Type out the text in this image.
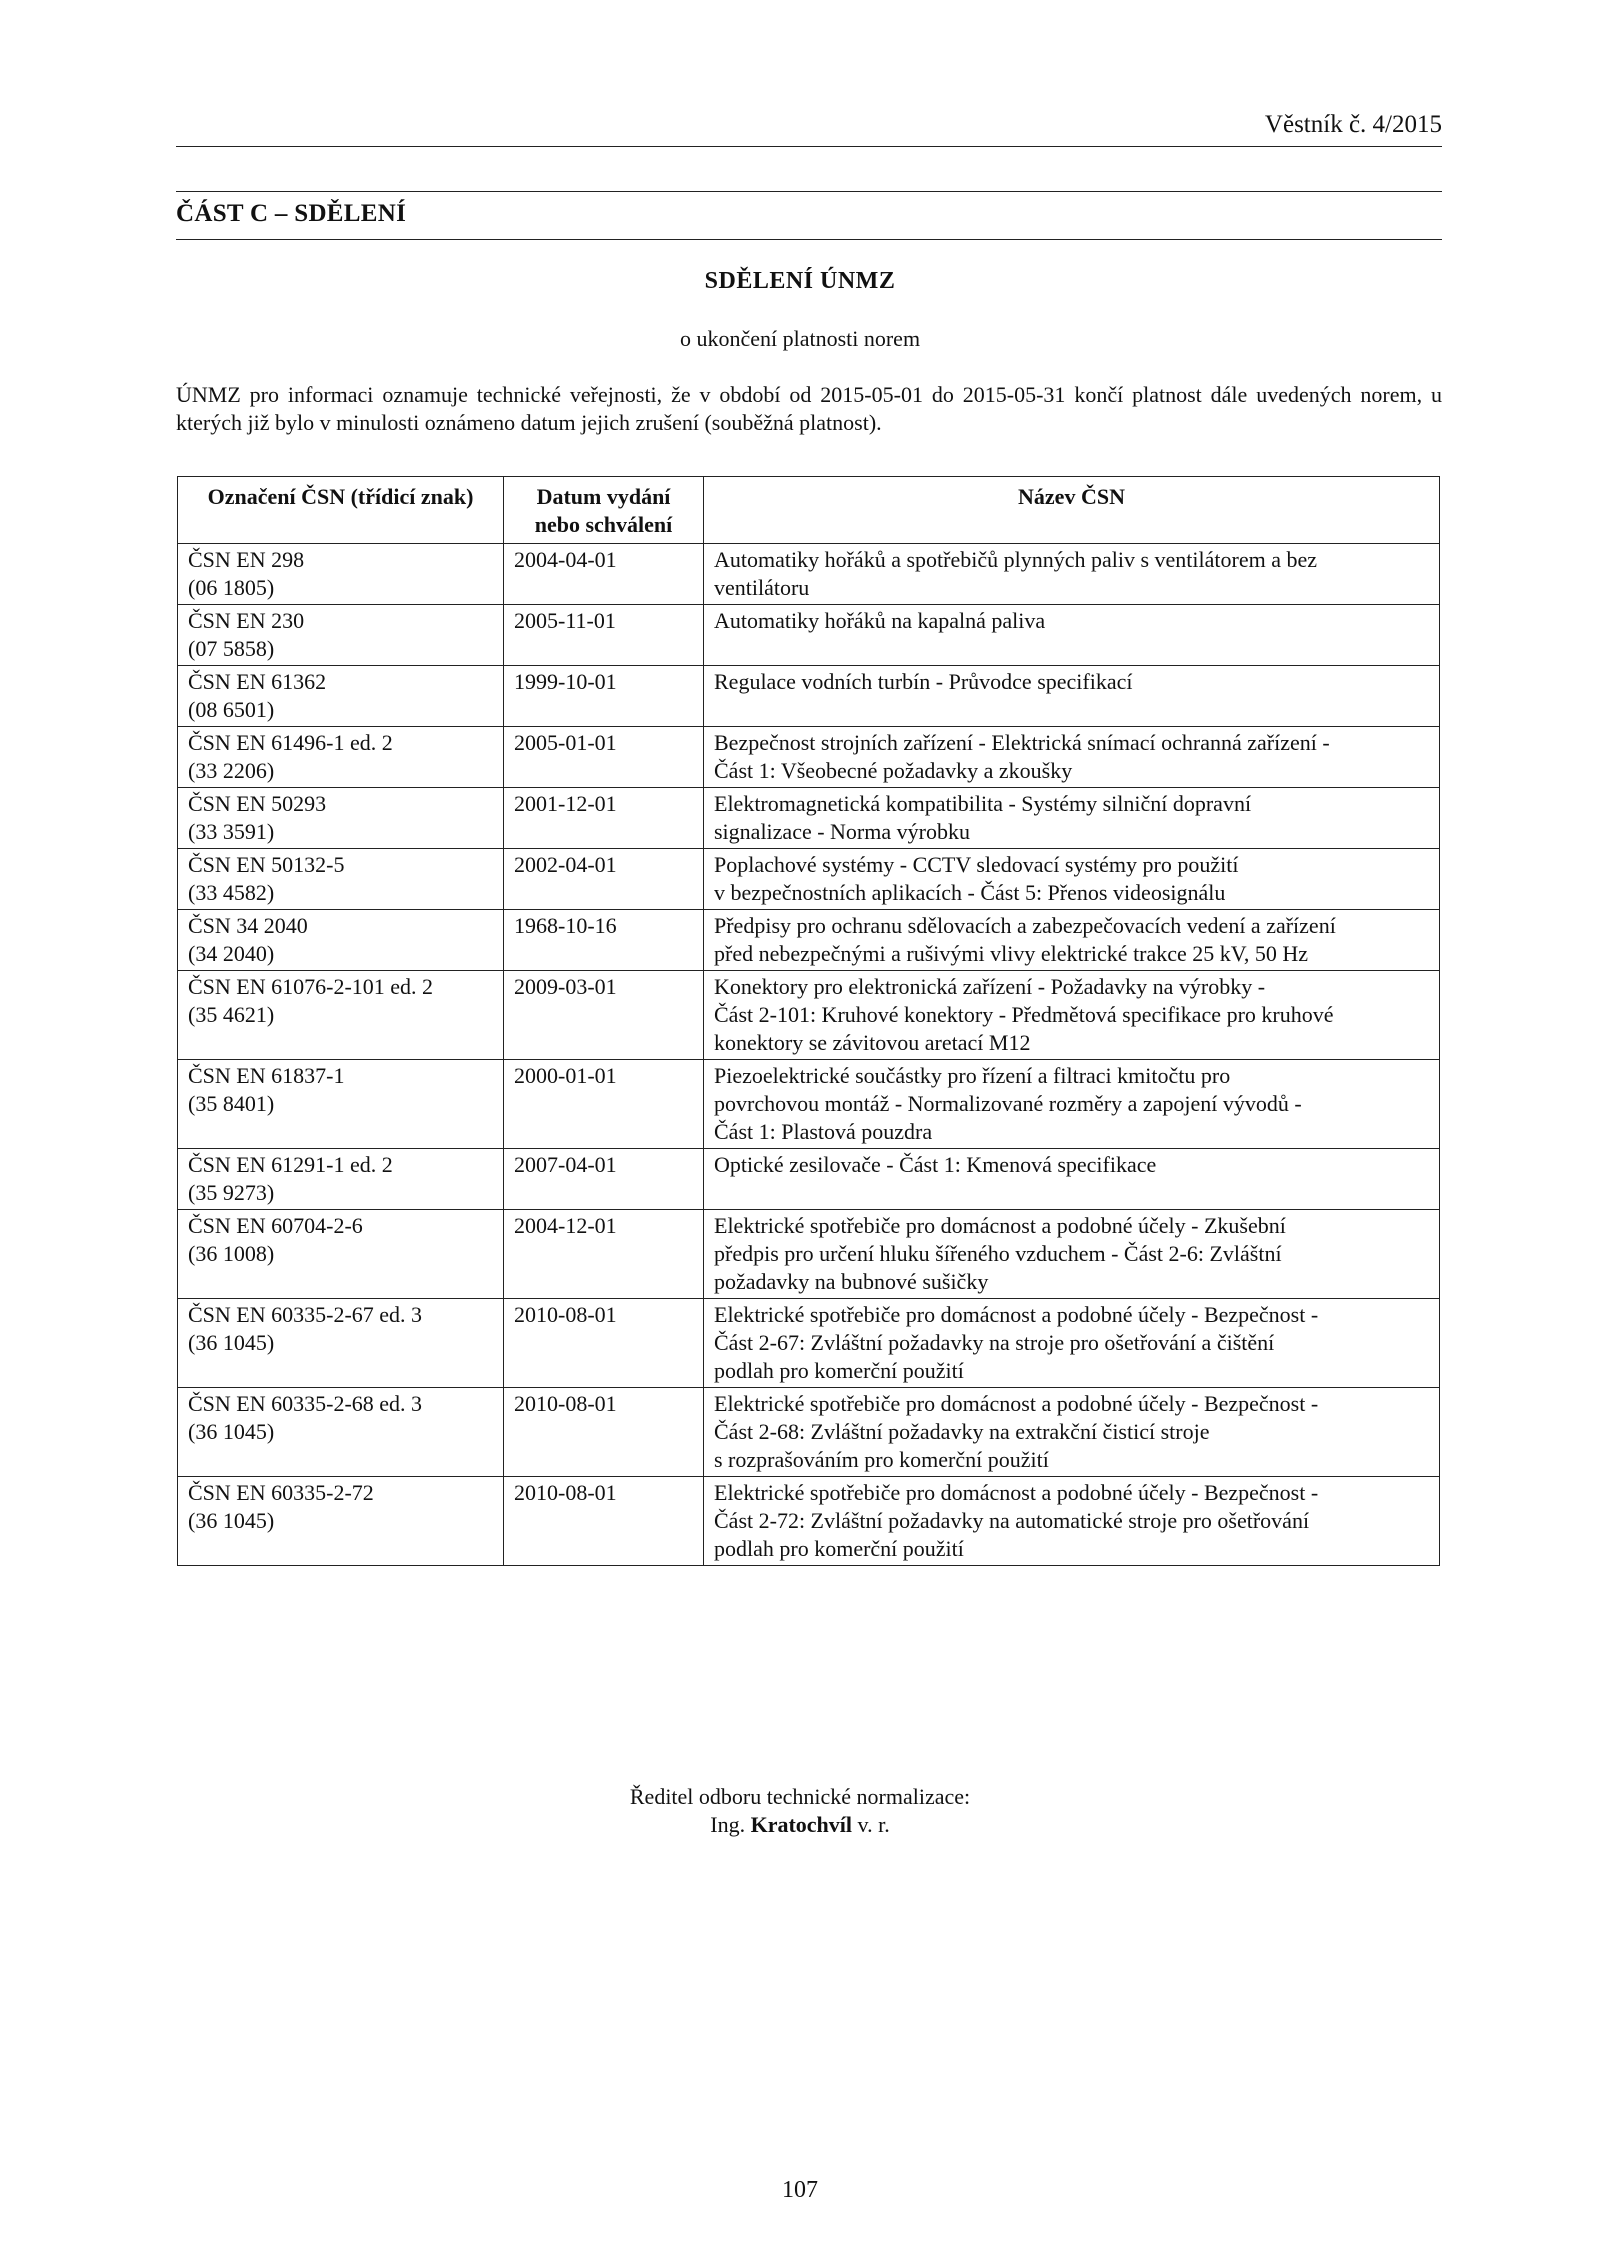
Věstník č. 4/2015
ČÁST C – SDĚLENÍ
SDĚLENÍ ÚNMZ
o ukončení platnosti norem
ÚNMZ pro informaci oznamuje technické veřejnosti, že v období od 2015-05-01 do 2015-05-31 končí platnost dále uvedených norem, u kterých již bylo v minulosti oznámeno datum jejich zrušení (souběžná platnost).
Označení ČSN (třídicí znak)	Datum vydání nebo schválení	Název ČSN

ČSN EN 298
(06 1805)	2004-04-01	Automatiky hořáků a spotřebičů plynných paliv s ventilátorem a bez
ventilátoru

ČSN EN 230
(07 5858)	2005-11-01	Automatiky hořáků na kapalná paliva

ČSN EN 61362
(08 6501)	1999-10-01	Regulace vodních turbín - Průvodce specifikací

ČSN EN 61496-1 ed. 2
(33 2206)	2005-01-01	Bezpečnost strojních zařízení - Elektrická snímací ochranná zařízení -
Část 1: Všeobecné požadavky a zkoušky

ČSN EN 50293
(33 3591)	2001-12-01	Elektromagnetická kompatibilita - Systémy silniční dopravní
signalizace - Norma výrobku

ČSN EN 50132-5
(33 4582)	2002-04-01	Poplachové systémy - CCTV sledovací systémy pro použití
v bezpečnostních aplikacích - Část 5: Přenos videosignálu

ČSN 34 2040
(34 2040)	1968-10-16	Předpisy pro ochranu sdělovacích a zabezpečovacích vedení a zařízení
před nebezpečnými a rušivými vlivy elektrické trakce 25 kV, 50 Hz

ČSN EN 61076-2-101 ed. 2
(35 4621)	2009-03-01	Konektory pro elektronická zařízení - Požadavky na výrobky -
Část 2-101: Kruhové konektory - Předmětová specifikace pro kruhové
konektory se závitovou aretací M12

ČSN EN 61837-1
(35 8401)	2000-01-01	Piezoelektrické součástky pro řízení a filtraci kmitočtu pro
povrchovou montáž - Normalizované rozměry a zapojení vývodů -
Část 1: Plastová pouzdra

ČSN EN 61291-1 ed. 2
(35 9273)	2007-04-01	Optické zesilovače - Část 1: Kmenová specifikace

ČSN EN 60704-2-6
(36 1008)	2004-12-01	Elektrické spotřebiče pro domácnost a podobné účely - Zkušební
předpis pro určení hluku šířeného vzduchem - Část 2-6: Zvláštní
požadavky na bubnové sušičky

ČSN EN 60335-2-67 ed. 3
(36 1045)	2010-08-01	Elektrické spotřebiče pro domácnost a podobné účely - Bezpečnost -
Část 2-67: Zvláštní požadavky na stroje pro ošetřování a čištění
podlah pro komerční použití

ČSN EN 60335-2-68 ed. 3
(36 1045)	2010-08-01	Elektrické spotřebiče pro domácnost a podobné účely - Bezpečnost -
Část 2-68: Zvláštní požadavky na extrakční čisticí stroje
s rozprašováním pro komerční použití

ČSN EN 60335-2-72
(36 1045)	2010-08-01	Elektrické spotřebiče pro domácnost a podobné účely - Bezpečnost -
Část 2-72: Zvláštní požadavky na automatické stroje pro ošetřování
podlah pro komerční použití
Ředitel odboru technické normalizace:
Ing. Kratochvíl v. r.
107
